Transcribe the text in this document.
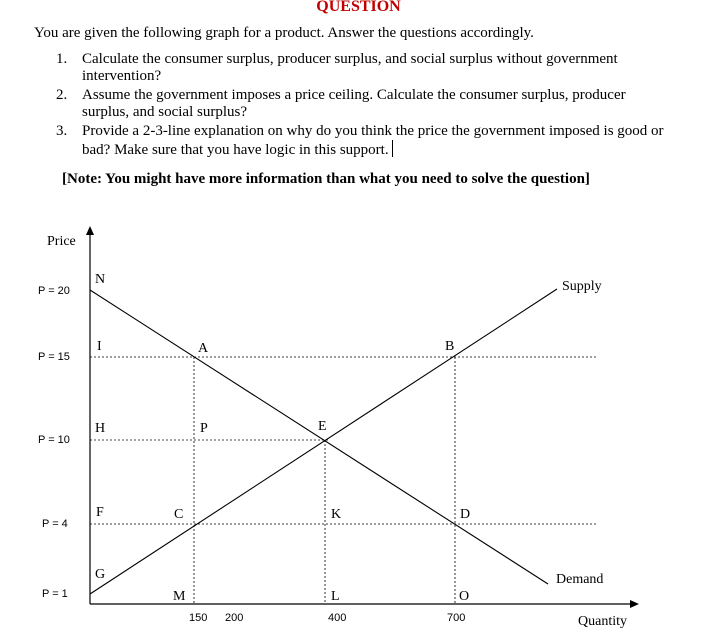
QUESTION
You are given the following graph for a product. Answer the questions accordingly.
1. Calculate the consumer surplus, producer surplus, and social surplus without government intervention?
2. Assume the government imposes a price ceiling. Calculate the consumer surplus, producer surplus, and social surplus?
3. Provide a 2-3-line explanation on why do you think the price the government imposed is good or bad? Make sure that you have logic in this support.
[Note: You might have more information than what you need to solve the question]
Price
Quantity
P = 20
P = 15
P = 10
P = 4
P = 1
150 200	400	700
Supply
Demand
N
I
H
F
G
A	B
P	E
C	K	D
M	L	O
